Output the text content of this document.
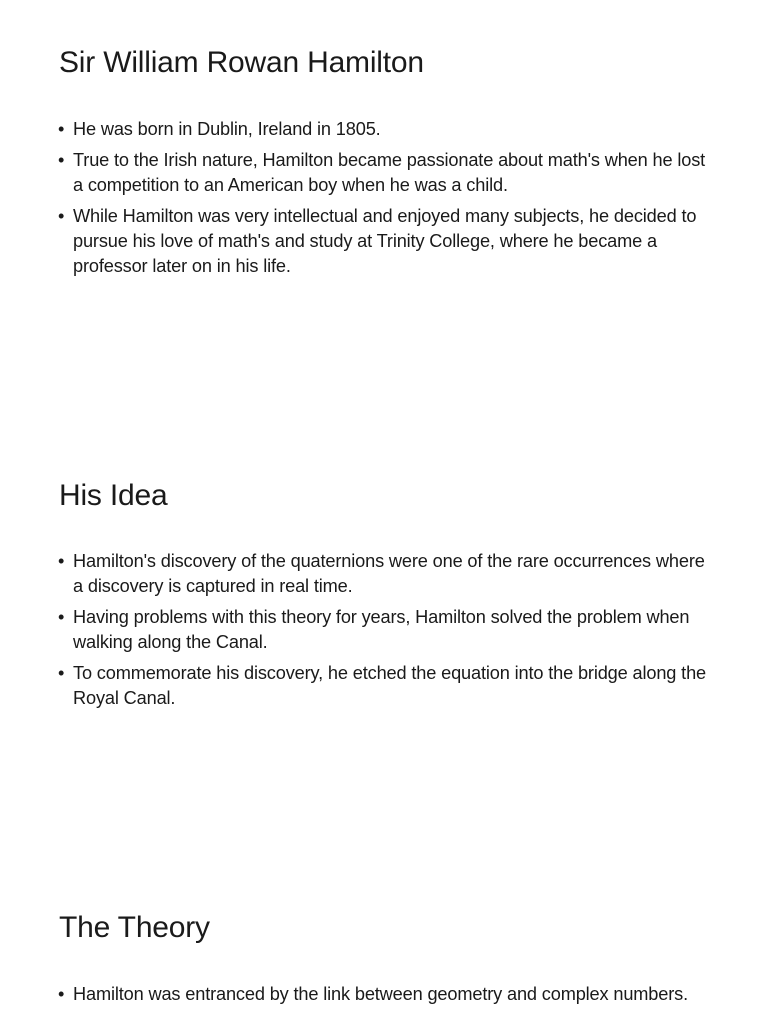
Sir William Rowan Hamilton
• He was born in Dublin, Ireland in 1805.
• True to the Irish nature, Hamilton became passionate about math's when he lost a competition to an American boy when he was a child.
• While Hamilton was very intellectual and enjoyed many subjects, he decided to pursue his love of math's and study at Trinity College, where he became a professor later on in his life.
His Idea
• Hamilton's discovery of the quaternions were one of the rare occurrences where a discovery is captured in real time.
• Having problems with this theory for years, Hamilton solved the problem when walking along the Canal.
• To commemorate his discovery, he etched the equation into the bridge along the Royal Canal.
The Theory
• Hamilton was entranced by the link between geometry and complex numbers.
